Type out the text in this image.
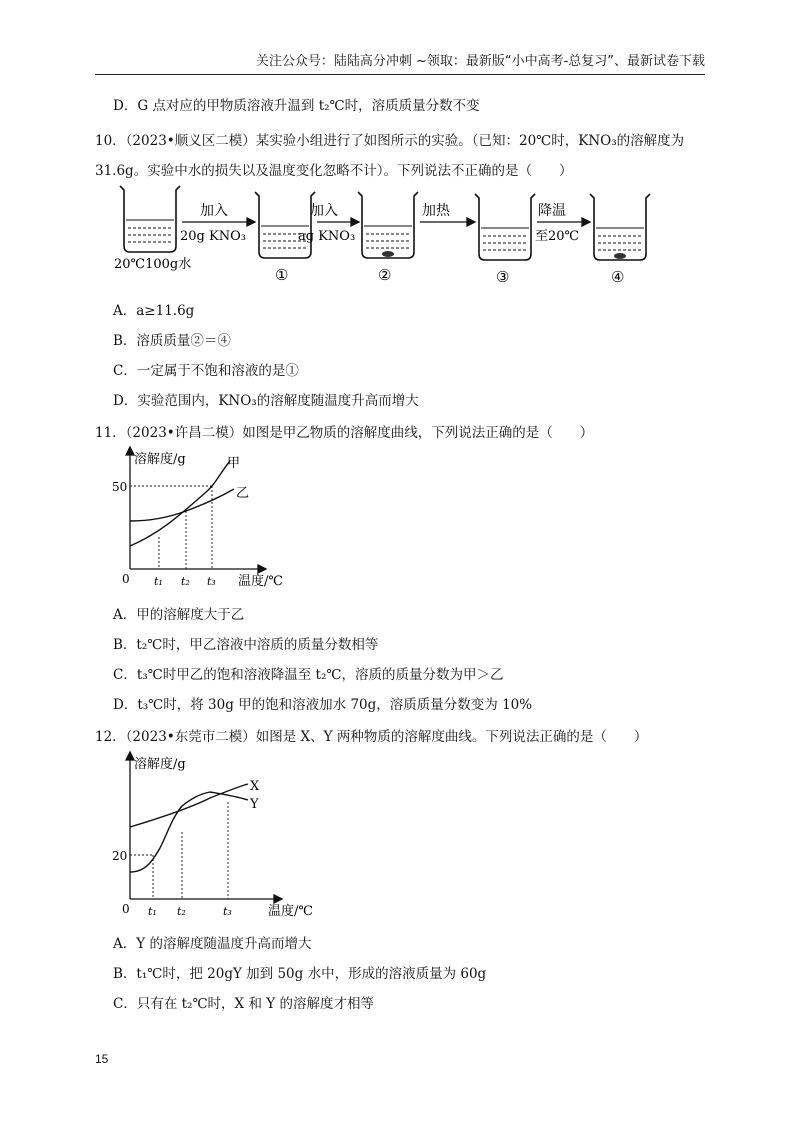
关注公众号：陆陆高分冲刺 ~领取：最新版“小中高考-总复习”、最新试卷下载
D．G 点对应的甲物质溶液升温到 t₂℃时，溶质质量分数不变
10．（2023•顺义区二模）某实验小组进行了如图所示的实验。（已知：20℃时，KNO₃的溶解度为
31.6g。实验中水的损失以及温度变化忽略不计）。下列说法不正确的是（　　）
加入
20g KNO₃
加入
ag KNO₃
加热	降温
至20℃
20℃100g水
①	②	③	④
A．a≥11.6g
B．溶质质量②＝④
C．一定属于不饱和溶液的是①
D．实验范围内，KNO₃的溶解度随温度升高而增大
11．（2023•许昌二模）如图是甲乙物质的溶解度曲线，下列说法正确的是（　　）
溶解度/g	甲
乙
50
0 t₁ t₂ t₃ 温度/℃
A．甲的溶解度大于乙
B．t₂℃时，甲乙溶液中溶质的质量分数相等
C．t₃℃时甲乙的饱和溶液降温至 t₂℃，溶质的质量分数为甲＞乙
D．t₃℃时，将 30g 甲的饱和溶液加水 70g，溶质质量分数变为 10%
12．（2023•东莞市二模）如图是 X、Y 两种物质的溶解度曲线。下列说法正确的是（　　）
溶解度/g
X
Y
20
0 t₁ t₂	t₃	温度/℃
A．Y 的溶解度随温度升高而增大
B．t₁℃时，把 20gY 加到 50g 水中，形成的溶液质量为 60g
C．只有在 t₂℃时，X 和 Y 的溶解度才相等
15
